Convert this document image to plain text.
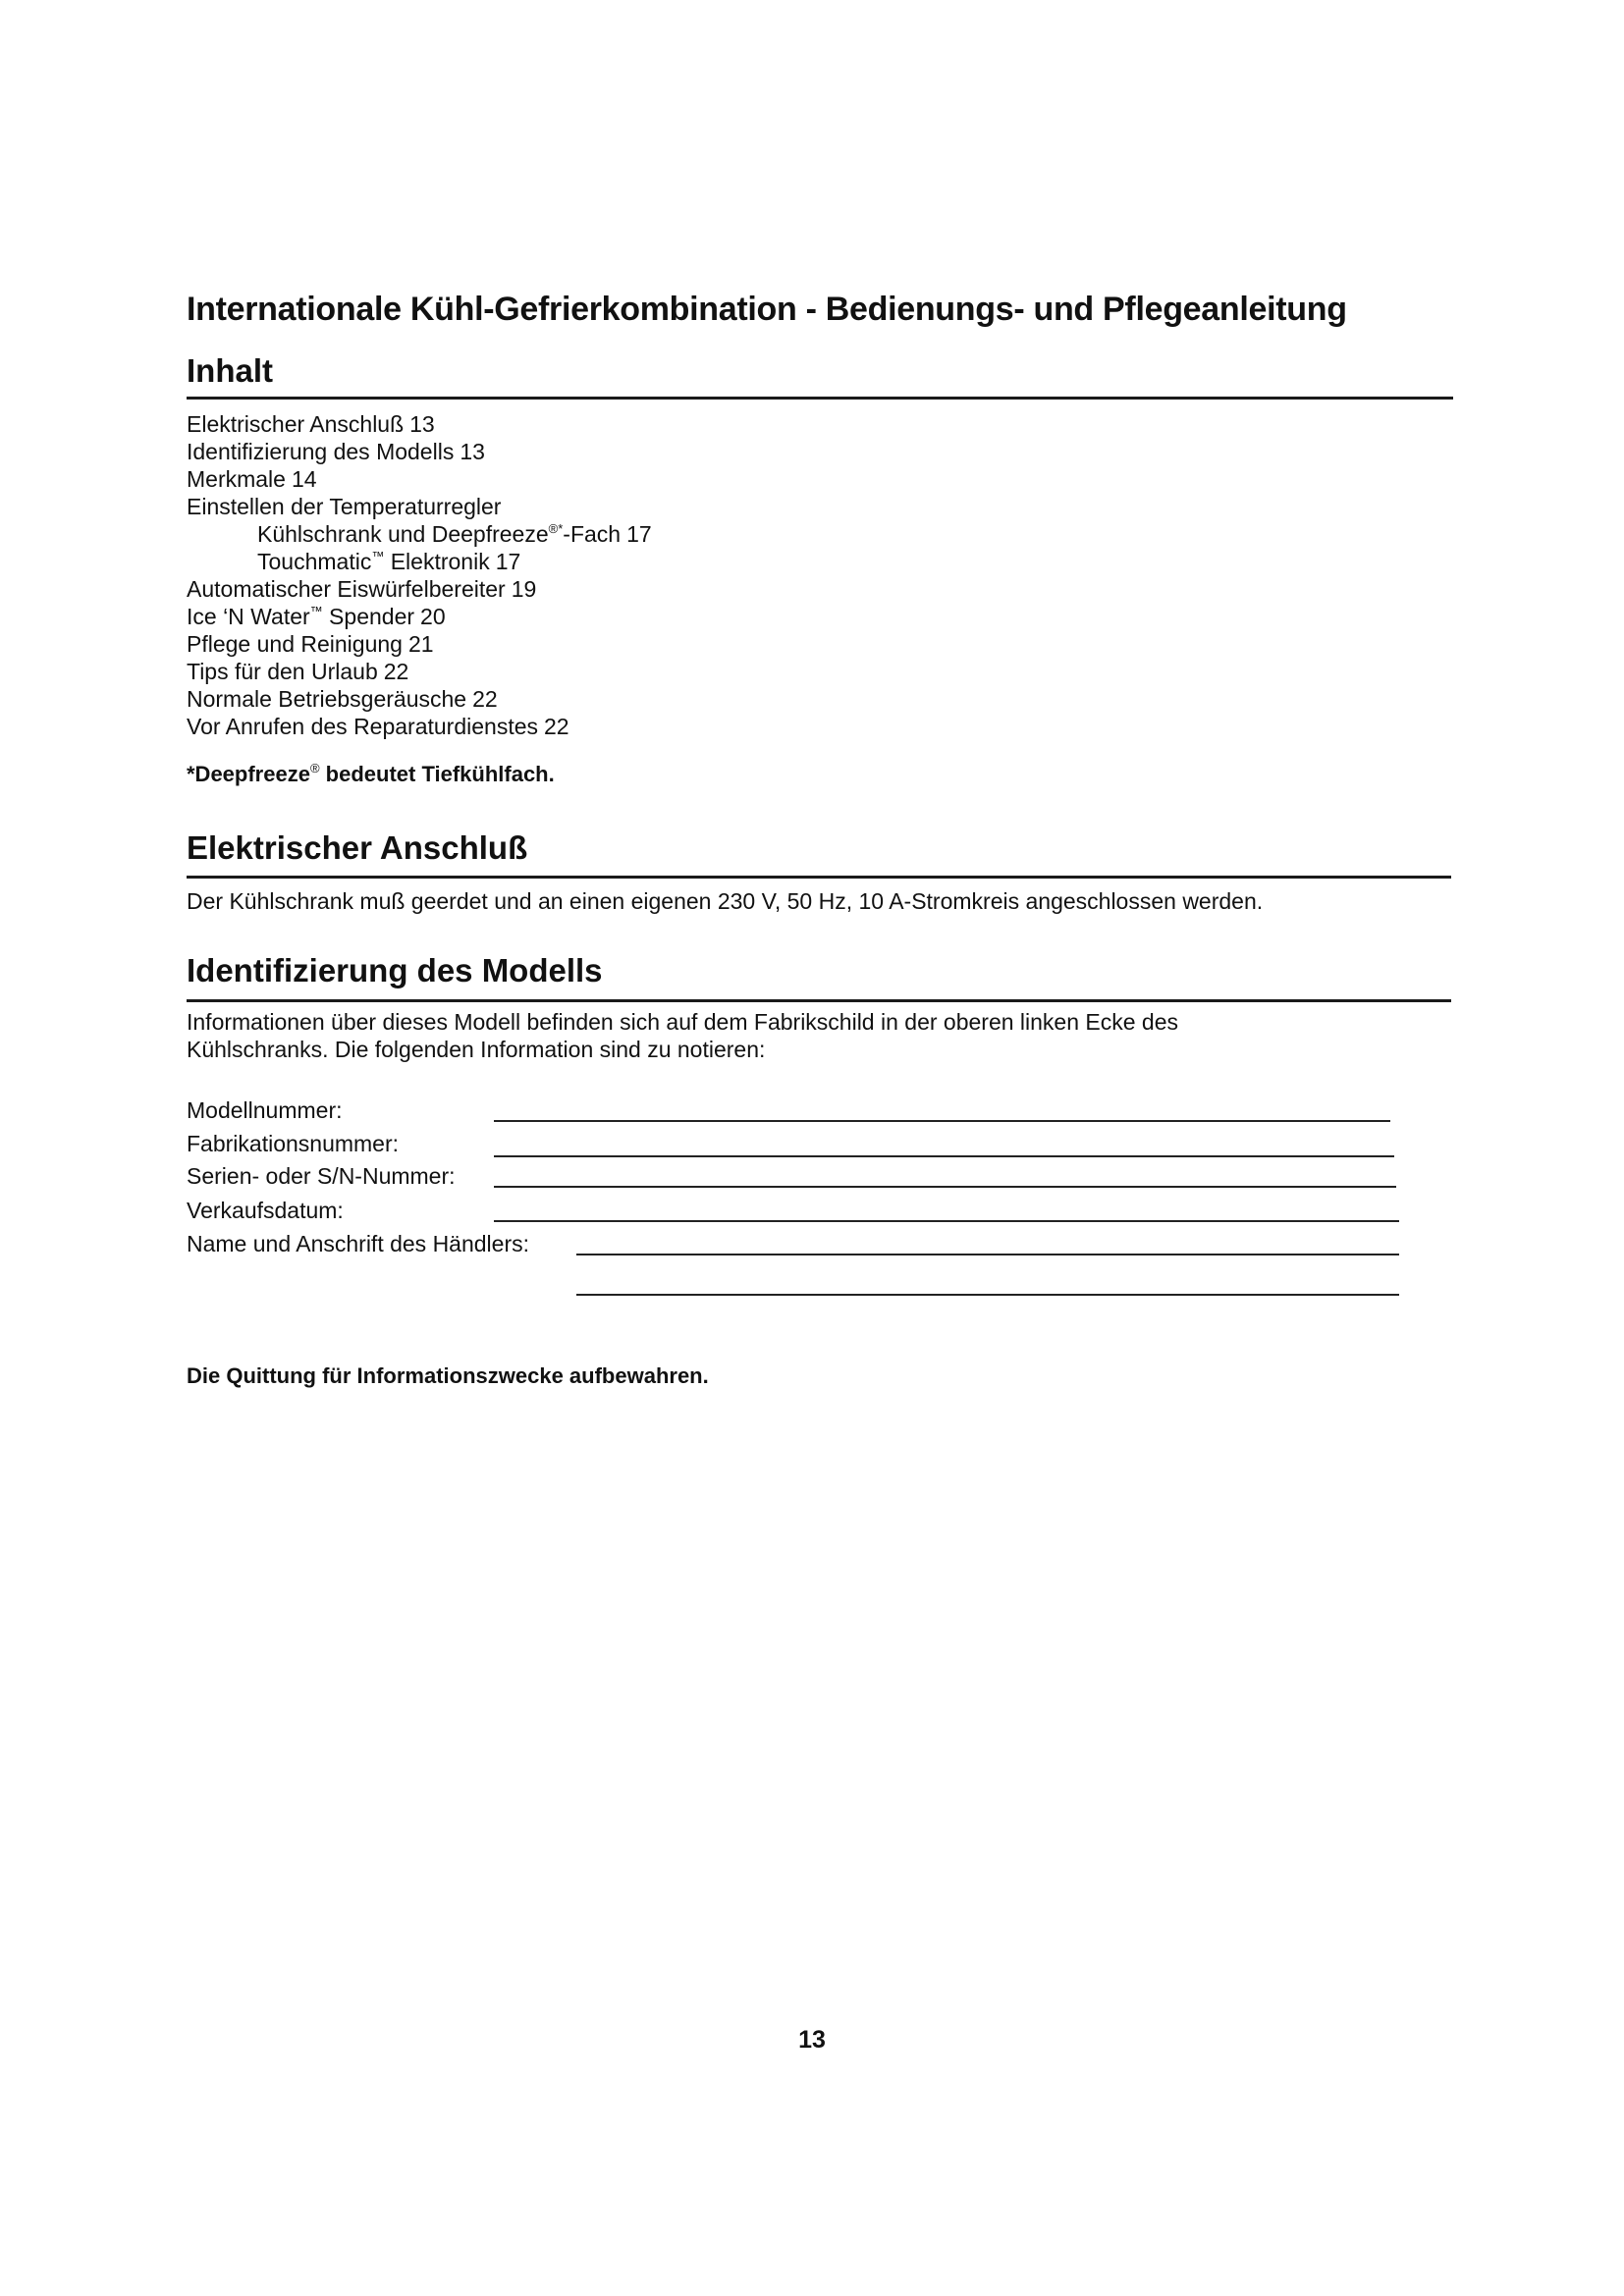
Internationale Kühl-Gefrierkombination - Bedienungs- und Pflegeanleitung
Inhalt
Elektrischer Anschluß 13
Identifizierung des Modells 13
Merkmale 14
Einstellen der Temperaturregler
Kühlschrank und Deepfreeze®*-Fach 17
Touchmatic™ Elektronik 17
Automatischer Eiswürfelbereiter 19
Ice ‘N Water™ Spender 20
Pflege und Reinigung 21
Tips für den Urlaub 22
Normale Betriebsgeräusche 22
Vor Anrufen des Reparaturdienstes 22
*Deepfreeze® bedeutet Tiefkühlfach.
Elektrischer Anschluß
Der Kühlschrank muß geerdet und an einen eigenen 230 V, 50 Hz, 10 A-Stromkreis angeschlossen werden.
Identifizierung des Modells
Informationen über dieses Modell befinden sich auf dem Fabrikschild in der oberen linken Ecke des
Kühlschranks. Die folgenden Information sind zu notieren:
Modellnummer:
Fabrikationsnummer:
Serien- oder S/N-Nummer:
Verkaufsdatum:
Name und Anschrift des Händlers:
Die Quittung für Informationszwecke aufbewahren.
13
